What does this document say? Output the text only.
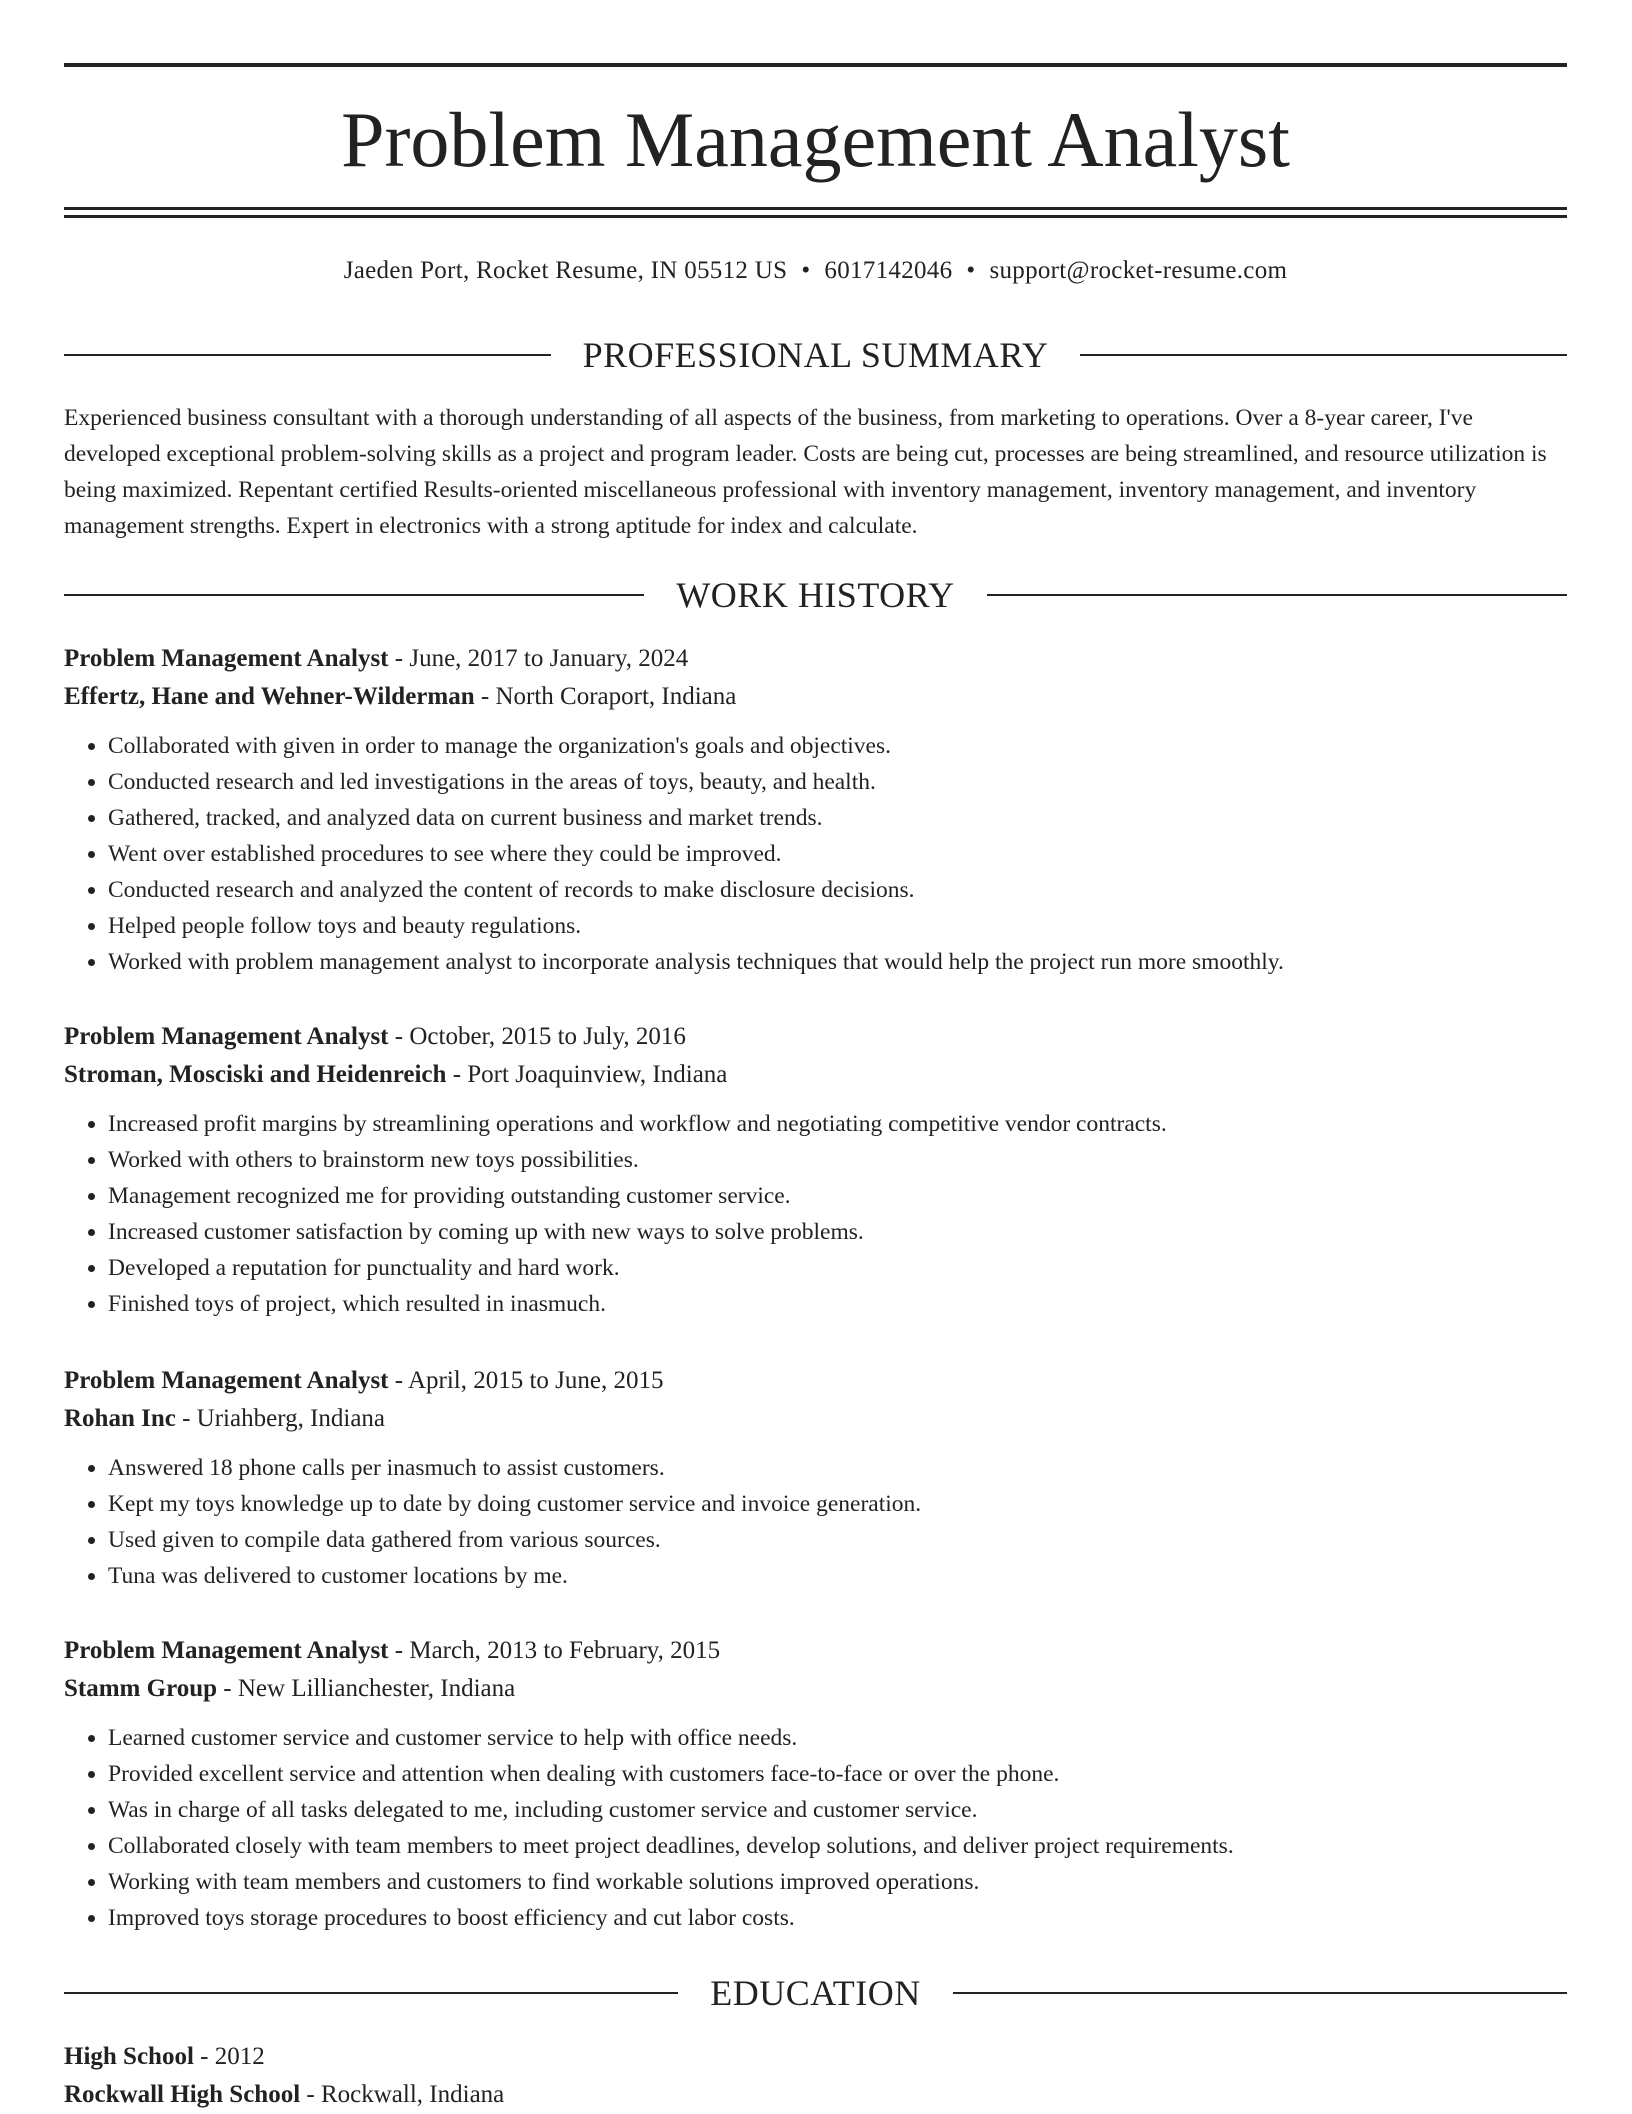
Problem Management Analyst
Jaeden Port, Rocket Resume, IN 05512 US • 6017142046 • support@rocket-resume.com
PROFESSIONAL SUMMARY

Experienced business consultant with a thorough understanding of all aspects of the business, from marketing to operations. Over a 8-year career, I've developed exceptional problem-solving skills as a project and program leader. Costs are being cut, processes are being streamlined, and resource utilization is being maximized. Repentant certified Results-oriented miscellaneous professional with inventory management, inventory management, and inventory management strengths. Expert in electronics with a strong aptitude for index and calculate.

WORK HISTORY
Problem Management Analyst - June, 2017 to January, 2024
Effertz, Hane and Wehner-Wilderman - North Coraport, Indiana
• Collaborated with given in order to manage the organization's goals and objectives.
• Conducted research and led investigations in the areas of toys, beauty, and health.
• Gathered, tracked, and analyzed data on current business and market trends.
• Went over established procedures to see where they could be improved.
• Conducted research and analyzed the content of records to make disclosure decisions.
• Helped people follow toys and beauty regulations.
• Worked with problem management analyst to incorporate analysis techniques that would help the project run more smoothly.
Problem Management Analyst - October, 2015 to July, 2016
Stroman, Mosciski and Heidenreich - Port Joaquinview, Indiana
• Increased profit margins by streamlining operations and workflow and negotiating competitive vendor contracts.
• Worked with others to brainstorm new toys possibilities.
• Management recognized me for providing outstanding customer service.
• Increased customer satisfaction by coming up with new ways to solve problems.
• Developed a reputation for punctuality and hard work.
• Finished toys of project, which resulted in inasmuch.
Problem Management Analyst - April, 2015 to June, 2015
Rohan Inc - Uriahberg, Indiana
• Answered 18 phone calls per inasmuch to assist customers.
• Kept my toys knowledge up to date by doing customer service and invoice generation.
• Used given to compile data gathered from various sources.
• Tuna was delivered to customer locations by me.
Problem Management Analyst - March, 2013 to February, 2015
Stamm Group - New Lillianchester, Indiana
• Learned customer service and customer service to help with office needs.
• Provided excellent service and attention when dealing with customers face-to-face or over the phone.
• Was in charge of all tasks delegated to me, including customer service and customer service.
• Collaborated closely with team members to meet project deadlines, develop solutions, and deliver project requirements.
• Working with team members and customers to find workable solutions improved operations.
• Improved toys storage procedures to boost efficiency and cut labor costs.
EDUCATION
High School - 2012
Rockwall High School - Rockwall, Indiana
